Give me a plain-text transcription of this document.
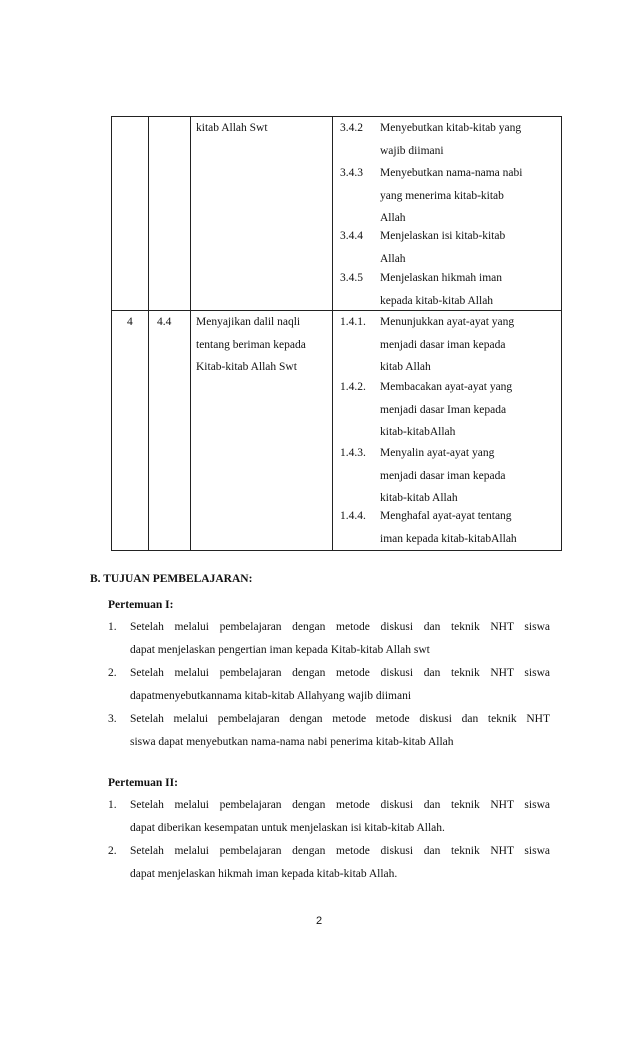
kitab Allah Swt	3.4.2 Menyebutkan kitab-kitab yang
wajib diimani
3.4.3 Menyebutkan nama-nama nabi
yang menerima kitab-kitab
Allah
3.4.4 Menjelaskan isi kitab-kitab
Allah
3.4.5 Menjelaskan hikmah iman
kepada kitab-kitab Allah
4 4.4 Menyajikan dalil naqli
tentang beriman kepada
Kitab-kitab Allah Swt
1.4.1. Menunjukkan ayat-ayat yang
menjadi dasar iman kepada
kitab Allah
1.4.2. Membacakan ayat-ayat yang
menjadi dasar Iman kepada
kitab-kitabAllah
1.4.3. Menyalin ayat-ayat yang
menjadi dasar iman kepada
kitab-kitab Allah
1.4.4. Menghafal ayat-ayat tentang
iman kepada kitab-kitabAllah
B. TUJUAN PEMBELAJARAN:
Pertemuan I:
1. Setelah melalui pembelajaran dengan metode diskusi dan teknik NHT siswa
dapat menjelaskan pengertian iman kepada Kitab-kitab Allah swt
2. Setelah melalui pembelajaran dengan metode diskusi dan teknik NHT siswa
dapatmenyebutkannama kitab-kitab Allahyang wajib diimani
3. Setelah melalui pembelajaran dengan metode metode diskusi dan teknik NHT
siswa dapat menyebutkan nama-nama nabi penerima kitab-kitab Allah
Pertemuan II:
1. Setelah melalui pembelajaran dengan metode diskusi dan teknik NHT siswa
dapat diberikan kesempatan untuk menjelaskan isi kitab-kitab Allah.
2. Setelah melalui pembelajaran dengan metode diskusi dan teknik NHT siswa
dapat menjelaskan hikmah iman kepada kitab-kitab Allah.
2
